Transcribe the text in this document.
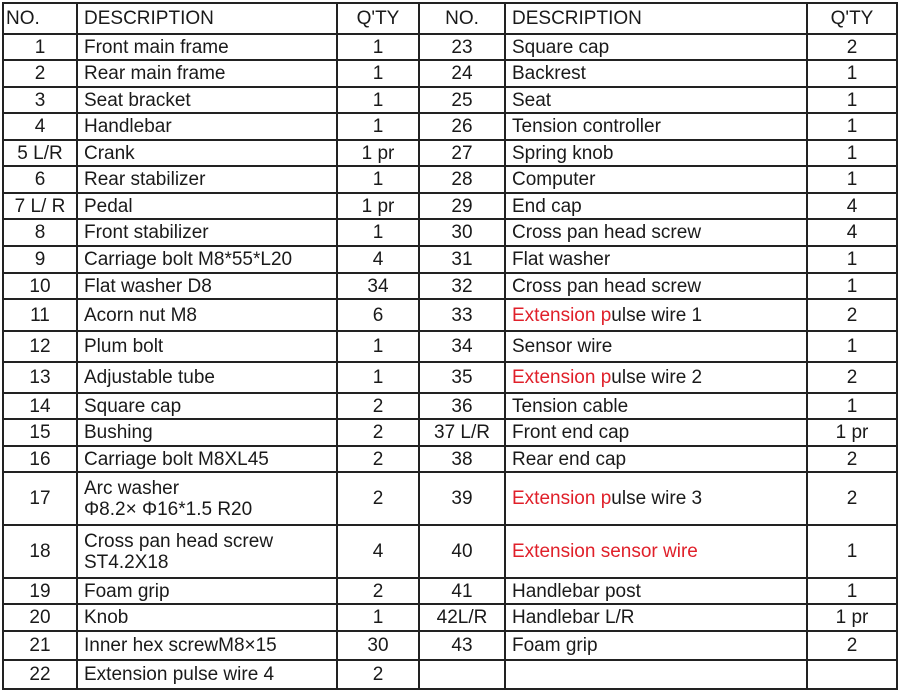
NO.	DESCRIPTION	Q'TY	NO.	DESCRIPTION	Q'TY
1	Front main frame	1	23	Square cap	2
2	Rear main frame	1	24	Backrest	1
3	Seat bracket	1	25	Seat	1
4	Handlebar	1	26	Tension controller	1
5 L/R	Crank	1 pr	27	Spring knob	1
6	Rear stabilizer	1	28	Computer	1
7 L/ R	Pedal	1 pr	29	End cap	4
8	Front stabilizer	1	30	Cross pan head screw	4
9	Carriage bolt M8*55*L20	4	31	Flat washer	1
10	Flat washer D8	34	32	Cross pan head screw	1
11	Acorn nut M8	6	33	Extension pulse wire 1	2
12	Plum bolt	1	34	Sensor wire	1
13	Adjustable tube	1	35	Extension pulse wire 2	2
14	Square cap	2	36	Tension cable	1
15	Bushing	2	37 L/R	Front end cap	1 pr
16	Carriage bolt M8XL45	2	38	Rear end cap	2
17	Arc washer
Φ8.2× Φ16*1.5 R20	2	39	Extension pulse wire 3	2
18	Cross pan head screw
ST4.2X18	4	40	Extension sensor wire	1
19	Foam grip	2	41	Handlebar post	1
20	Knob	1	42L/R	Handlebar L/R	1 pr
21	Inner hex screwM8×15	30	43	Foam grip	2
22	Extension pulse wire 4	2			
